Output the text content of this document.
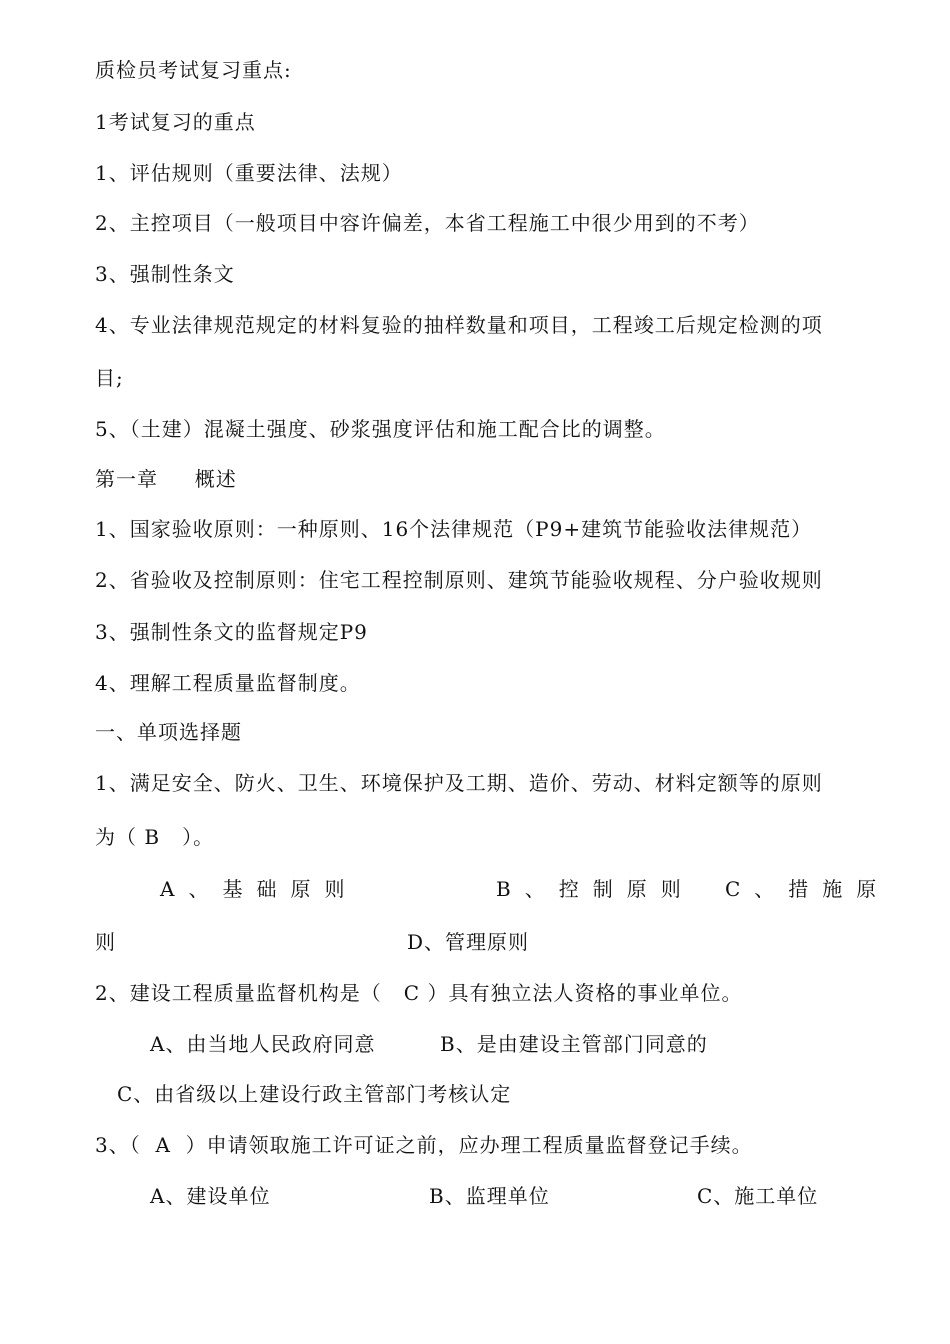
质检员考试复习重点:
1考试复习的重点
1、评估规则（重要法律、法规）
2、主控项目（一般项目中容许偏差，本省工程施工中很少用到的不考）
3、强制性条文
4、专业法律规范规定的材料复验的抽样数量和项目，工程竣工后规定检测的项
目;
5、（土建）混凝土强度、砂浆强度评估和施工配合比的调整。
第一章     概述
1、国家验收原则：一种原则、16个法律规范（P9+建筑节能验收法律规范）
2、省验收及控制原则：住宅工程控制原则、建筑节能验收规程、分户验收规则
3、强制性条文的监督规定P9
4、理解工程质量监督制度。
一、单项选择题
1、满足安全、防火、卫生、环境保护及工期、造价、劳动、材料定额等的原则
为（ B   ）。
A、基础原则	B、控制原则 C、措施原
则	D、管理原则
2、建设工程质量监督机构是（   C ）具有独立法人资格的事业单位。
A、由当地人民政府同意	B、是由建设主管部门同意的
C、由省级以上建设行政主管部门考核认定
3、（  A  ）申请领取施工许可证之前，应办理工程质量监督登记手续。
A、建设单位	B、监理单位	C、施工单位
